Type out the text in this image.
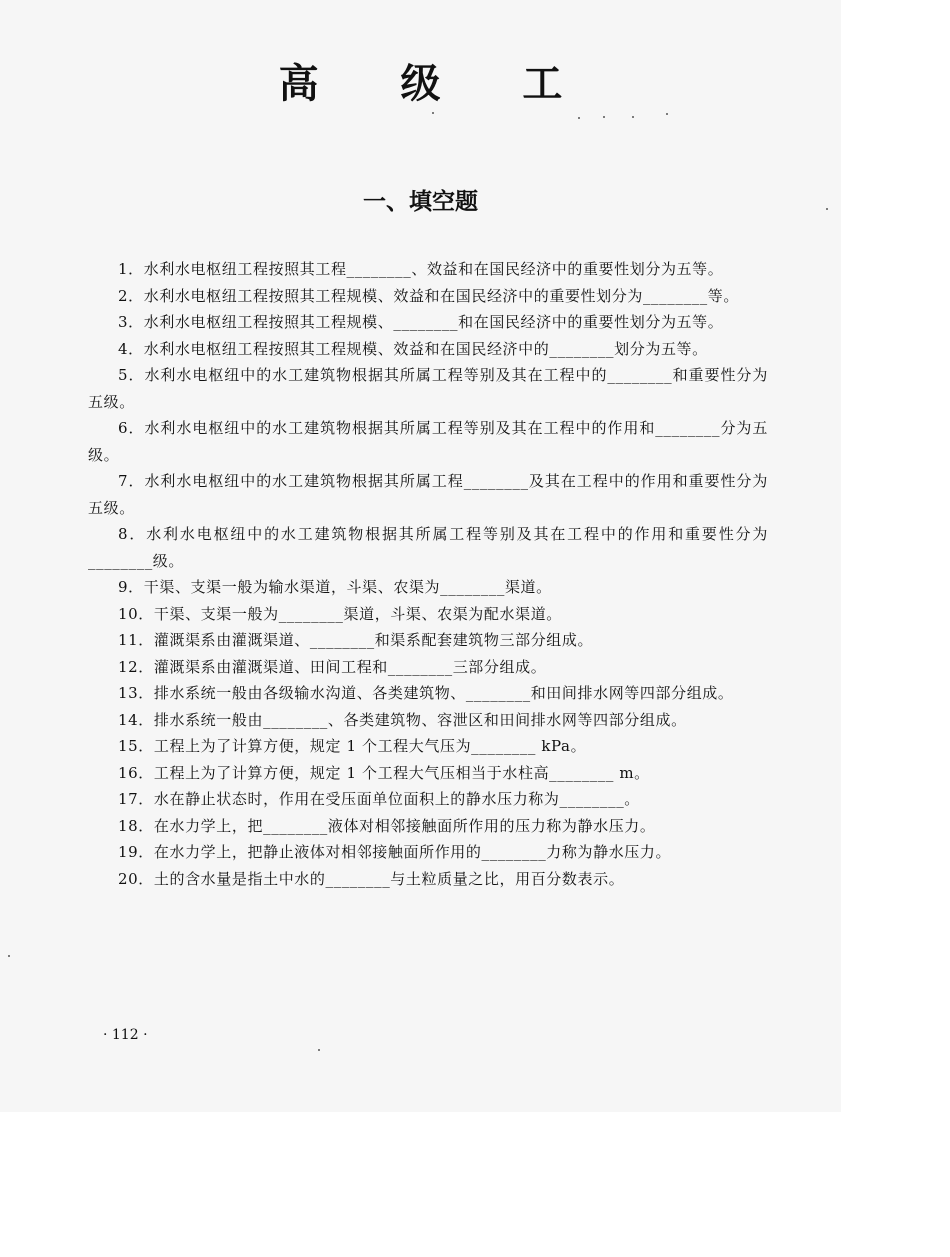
高 级 工
一、填空题

1．水利水电枢纽工程按照其工程________、效益和在国民经济中的重要性划分为五等。

2．水利水电枢纽工程按照其工程规模、效益和在国民经济中的重要性划分为________等。

3．水利水电枢纽工程按照其工程规模、________和在国民经济中的重要性划分为五等。

4．水利水电枢纽工程按照其工程规模、效益和在国民经济中的________划分为五等。

5．水利水电枢纽中的水工建筑物根据其所属工程等别及其在工程中的________和重要性分为五级。

6．水利水电枢纽中的水工建筑物根据其所属工程等别及其在工程中的作用和________分为五级。

7．水利水电枢纽中的水工建筑物根据其所属工程________及其在工程中的作用和重要性分为五级。

8．水利水电枢纽中的水工建筑物根据其所属工程等别及其在工程中的作用和重要性分为________级。

9．干渠、支渠一般为输水渠道，斗渠、农渠为________渠道。

10．干渠、支渠一般为________渠道，斗渠、农渠为配水渠道。

11．灌溉渠系由灌溉渠道、________和渠系配套建筑物三部分组成。

12．灌溉渠系由灌溉渠道、田间工程和________三部分组成。

13．排水系统一般由各级输水沟道、各类建筑物、________和田间排水网等四部分组成。

14．排水系统一般由________、各类建筑物、容泄区和田间排水网等四部分组成。

15．工程上为了计算方便，规定 1 个工程大气压为________ kPa。

16．工程上为了计算方便，规定 1 个工程大气压相当于水柱高________ m。

17．水在静止状态时，作用在受压面单位面积上的静水压力称为________。

18．在水力学上，把________液体对相邻接触面所作用的压力称为静水压力。

19．在水力学上，把静止液体对相邻接触面所作用的________力称为静水压力。

20．土的含水量是指土中水的________与土粒质量之比，用百分数表示。

· 112 ·
